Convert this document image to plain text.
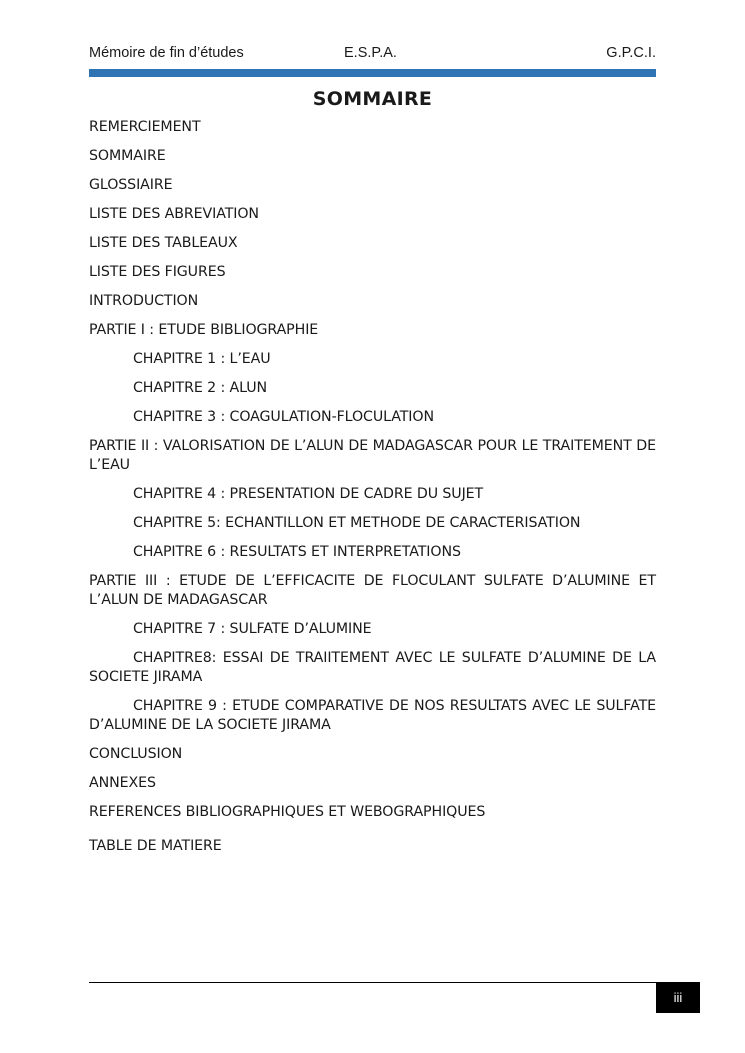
Mémoire de fin d’études	E.S.P.A.	G.P.C.I.
SOMMAIRE
REMERCIEMENT
SOMMAIRE
GLOSSIAIRE
LISTE DES ABREVIATION
LISTE DES TABLEAUX
LISTE DES FIGURES
INTRODUCTION
PARTIE I : ETUDE BIBLIOGRAPHIE
CHAPITRE 1 : L’EAU
CHAPITRE 2 : ALUN
CHAPITRE 3 : COAGULATION-FLOCULATION
PARTIE II : VALORISATION DE L’ALUN DE MADAGASCAR POUR LE TRAITEMENT DE L’EAU
CHAPITRE 4 : PRESENTATION DE CADRE DU SUJET
CHAPITRE 5: ECHANTILLON ET METHODE DE CARACTERISATION
CHAPITRE 6 : RESULTATS ET INTERPRETATIONS
PARTIE III : ETUDE DE L’EFFICACITE DE FLOCULANT SULFATE D’ALUMINE ET L’ALUN DE MADAGASCAR
CHAPITRE 7 : SULFATE D’ALUMINE
CHAPITRE8: ESSAI DE TRAIITEMENT AVEC LE SULFATE D’ALUMINE DE LA SOCIETE JIRAMA
CHAPITRE 9 : ETUDE COMPARATIVE DE NOS RESULTATS AVEC LE SULFATE D’ALUMINE DE LA SOCIETE JIRAMA
CONCLUSION
ANNEXES
REFERENCES BIBLIOGRAPHIQUES ET WEBOGRAPHIQUES
TABLE DE MATIERE
iii
